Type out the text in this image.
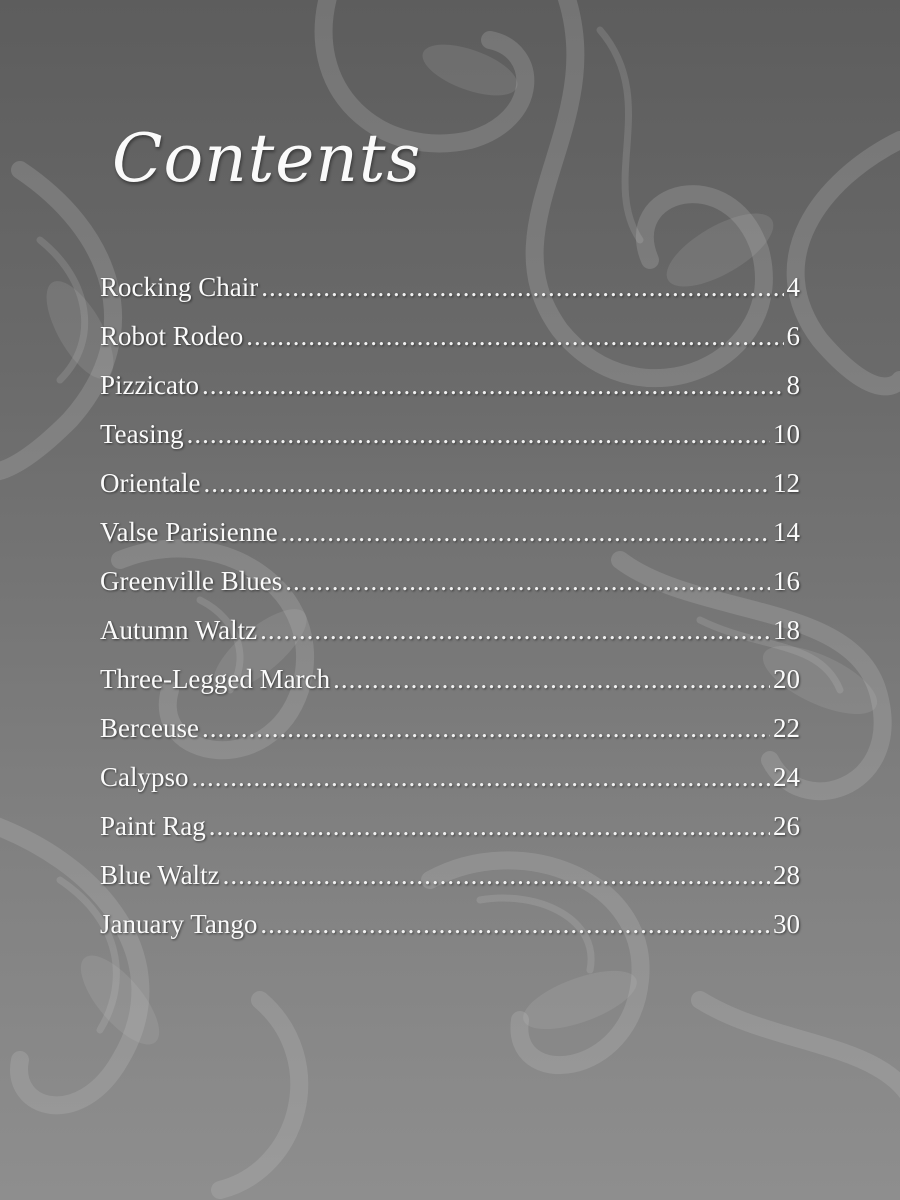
Contents
Rocking Chair .....	4
Robot Rodeo .....	6
Pizzicato .....	8
Teasing .....	10
Orientale .....	12
Valse Parisienne .....	14
Greenville Blues .....	16
Autumn Waltz .....	18
Three-Legged March .....	20
Berceuse .....	22
Calypso .....	24
Paint Rag .....	26
Blue Waltz .....	28
January Tango .....	30
